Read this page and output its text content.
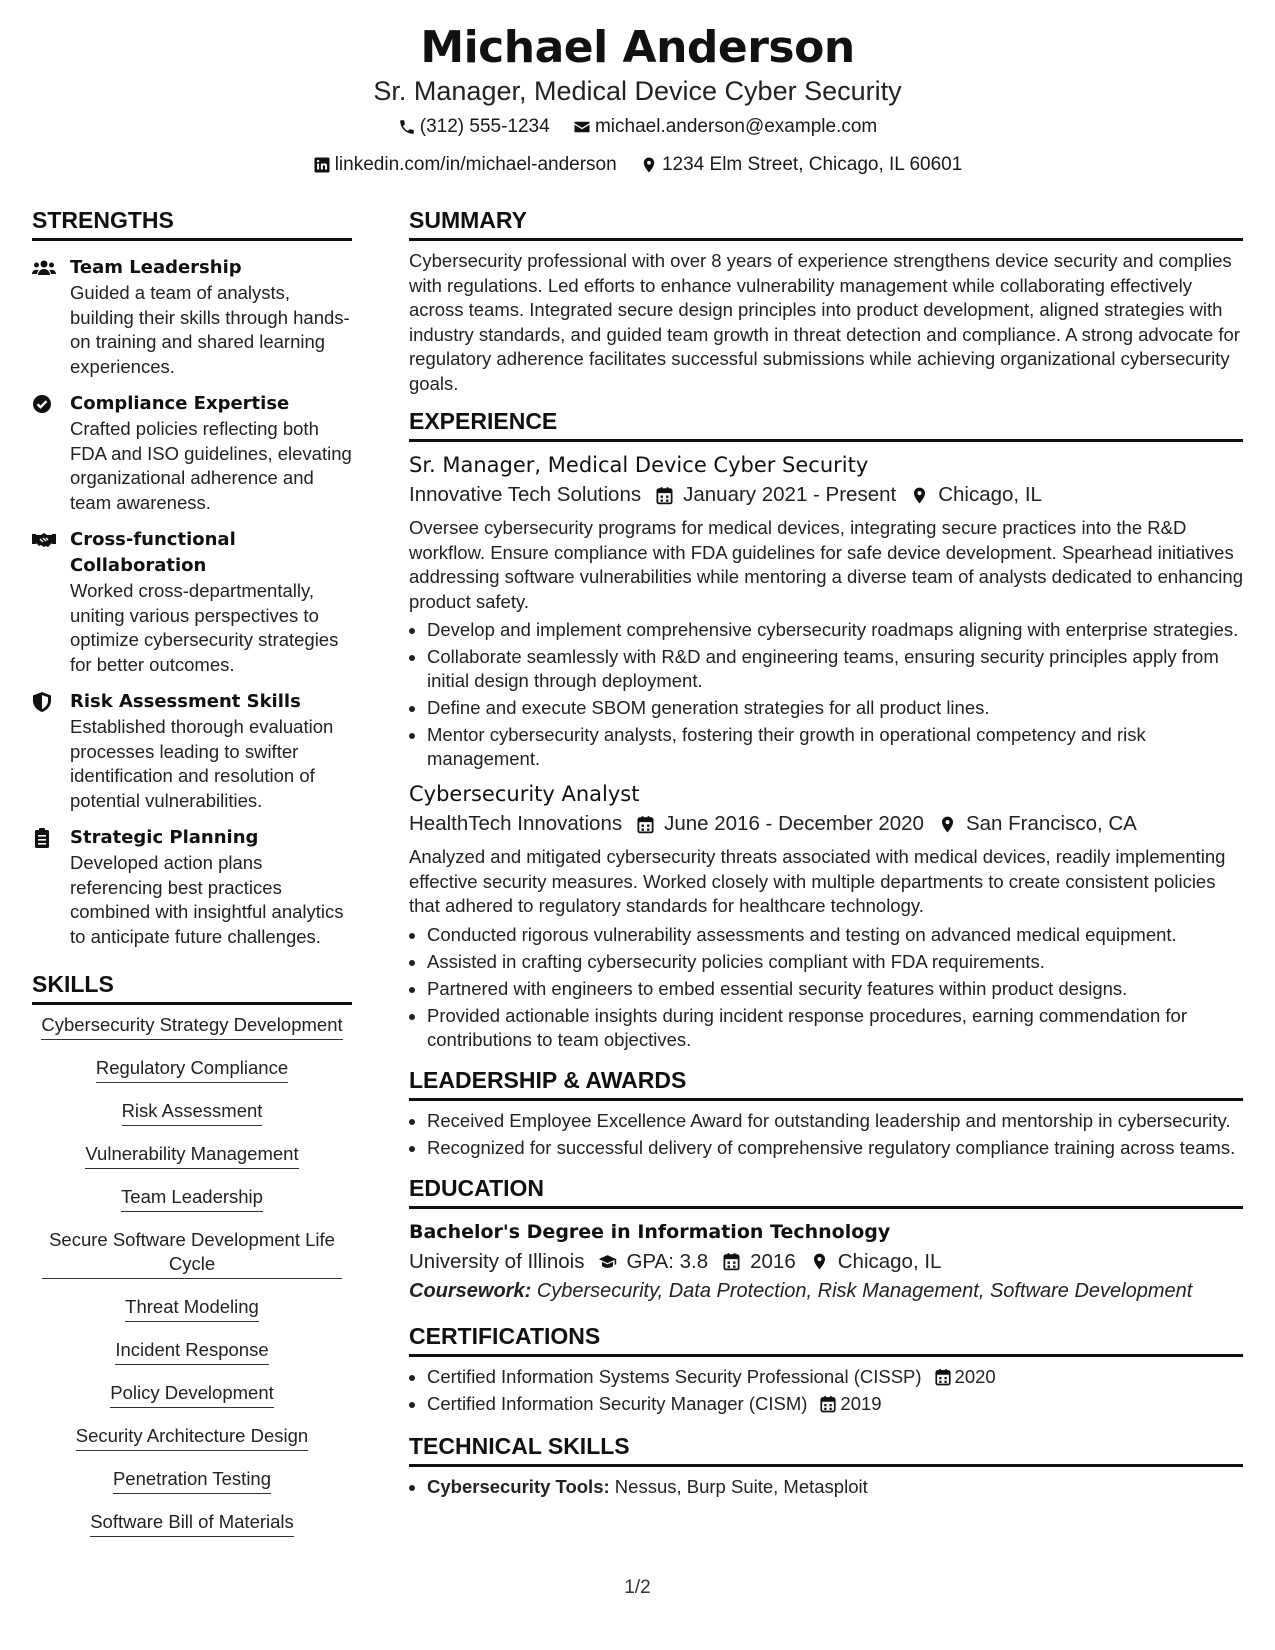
Michael Anderson
Sr. Manager, Medical Device Cyber Security
(312) 555-1234
michael.anderson@example.com
linkedin.com/in/michael-anderson
1234 Elm Street, Chicago, IL 60601
STRENGTHS
Team Leadership
Guided a team of analysts, building their skills through hands-on training and shared learning experiences.
Compliance Expertise
Crafted policies reflecting both FDA and ISO guidelines, elevating organizational adherence and team awareness.
Cross-functional Collaboration
Worked cross-departmentally, uniting various perspectives to optimize cybersecurity strategies for better outcomes.
Risk Assessment Skills
Established thorough evaluation processes leading to swifter identification and resolution of potential vulnerabilities.
Strategic Planning
Developed action plans referencing best practices combined with insightful analytics to anticipate future challenges.
SKILLS
Cybersecurity Strategy Development
Regulatory Compliance
Risk Assessment
Vulnerability Management
Team Leadership
Secure Software Development Life Cycle
Threat Modeling
Incident Response
Policy Development
Security Architecture Design
Penetration Testing
Software Bill of Materials
SUMMARY

Cybersecurity professional with over 8 years of experience strengthens device security and complies with regulations. Led efforts to enhance vulnerability management while collaborating effectively across teams. Integrated secure design principles into product development, aligned strategies with industry standards, and guided team growth in threat detection and compliance. A strong advocate for regulatory adherence facilitates successful submissions while achieving organizational cybersecurity goals.

EXPERIENCE
Sr. Manager, Medical Device Cyber Security
Innovative Tech Solutions January 2021 - Present Chicago, IL

Oversee cybersecurity programs for medical devices, integrating secure practices into the R&D workflow. Ensure compliance with FDA guidelines for safe device development. Spearhead initiatives addressing software vulnerabilities while mentoring a diverse team of analysts dedicated to enhancing product safety.

• Develop and implement comprehensive cybersecurity roadmaps aligning with enterprise strategies.
• Collaborate seamlessly with R&D and engineering teams, ensuring security principles apply from initial design through deployment.
• Define and execute SBOM generation strategies for all product lines.
• Mentor cybersecurity analysts, fostering their growth in operational competency and risk management.
Cybersecurity Analyst
HealthTech Innovations June 2016 - December 2020 San Francisco, CA

Analyzed and mitigated cybersecurity threats associated with medical devices, readily implementing effective security measures. Worked closely with multiple departments to create consistent policies that adhered to regulatory standards for healthcare technology.

• Conducted rigorous vulnerability assessments and testing on advanced medical equipment.
• Assisted in crafting cybersecurity policies compliant with FDA requirements.
• Partnered with engineers to embed essential security features within product designs.
• Provided actionable insights during incident response procedures, earning commendation for contributions to team objectives.
LEADERSHIP & AWARDS
• Received Employee Excellence Award for outstanding leadership and mentorship in cybersecurity.
• Recognized for successful delivery of comprehensive regulatory compliance training across teams.
EDUCATION
Bachelor's Degree in Information Technology
University of Illinois GPA: 3.8 2016 Chicago, IL
Coursework: Cybersecurity, Data Protection, Risk Management, Software Development
CERTIFICATIONS
• Certified Information Systems Security Professional (CISSP) 2020
• Certified Information Security Manager (CISM) 2019
TECHNICAL SKILLS
• Cybersecurity Tools: Nessus, Burp Suite, Metasploit
1/2
